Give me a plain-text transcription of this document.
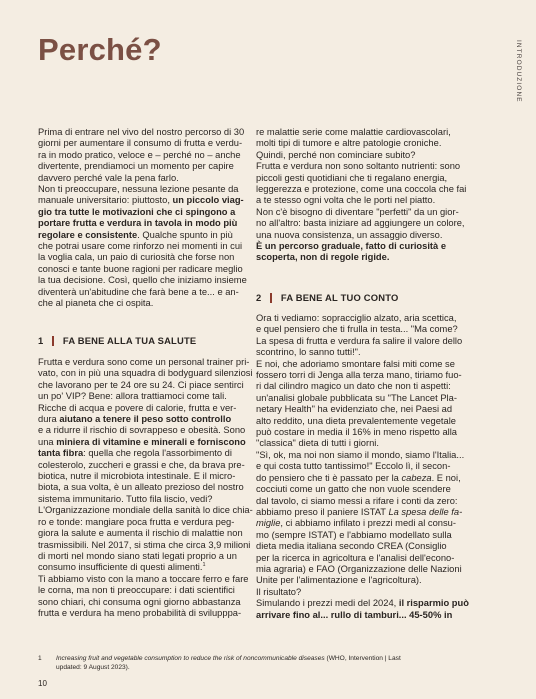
Perché?	INTRODUZIONE

Prima di entrare nel vivo del nostro percorso di 30
giorni per aumentare il consumo di frutta e verdu-
ra in modo pratico, veloce e – perché no – anche
divertente, prendiamoci un momento per capire
davvero perché vale la pena farlo.
Non ti preoccupare, nessuna lezione pesante da
manuale universitario: piuttosto, un piccolo viag-
gio tra tutte le motivazioni che ci spingono a
portare frutta e verdura in tavola in modo più
regolare e consistente. Qualche spunto in più
che potrai usare come rinforzo nei momenti in cui
la voglia cala, un paio di curiosità che forse non
conosci e tante buone ragioni per radicare meglio
la tua decisione. Così, quello che iniziamo insieme
diventerà un'abitudine che farà bene a te... e an-
che al pianeta che ci ospita.

re malattie serie come malattie cardiovascolari,
molti tipi di tumore e altre patologie croniche.
Quindi, perché non cominciare subito?
Frutta e verdura non sono soltanto nutrienti: sono
piccoli gesti quotidiani che ti regalano energia,
leggerezza e protezione, come una coccola che fai
a te stesso ogni volta che le porti nel piatto.
Non c'è bisogno di diventare "perfetti" da un gior-
no all'altro: basta iniziare ad aggiungere un colore,
una nuova consistenza, un assaggio diverso.
È un percorso graduale, fatto di curiosità e
scoperta, non di regole rigide.

1 FA BENE ALLA TUA SALUTE

Frutta e verdura sono come un personal trainer pri-
vato, con in più una squadra di bodyguard silenziosi
che lavorano per te 24 ore su 24. Ci piace sentirci
un po' VIP? Bene: allora trattiamoci come tali.
Ricche di acqua e povere di calorie, frutta e ver-
dura aiutano a tenere il peso sotto controllo
e a ridurre il rischio di sovrappeso e obesità. Sono
una miniera di vitamine e minerali e forniscono
tanta fibra: quella che regola l'assorbimento di
colesterolo, zuccheri e grassi e che, da brava pre-
biotica, nutre il microbiota intestinale. E il micro-
biota, a sua volta, è un alleato prezioso del nostro
sistema immunitario. Tutto fila liscio, vedi?
L'Organizzazione mondiale della sanità lo dice chia-
ro e tonde: mangiare poca frutta e verdura peg-
giora la salute e aumenta il rischio di malattie non
trasmissibili. Nel 2017, si stima che circa 3,9 milioni
di morti nel mondo siano stati legati proprio a un
consumo insufficiente di questi alimenti.$^1$
Ti abbiamo visto con la mano a toccare ferro e fare
le corna, ma non ti preoccupare: i dati scientifici
sono chiari, chi consuma ogni giorno abbastanza
frutta e verdura ha meno probabilità di svilupppa-

2 FA BENE AL TUO CONTO

Ora ti vediamo: sopracciglio alzato, aria scettica,
e quel pensiero che ti frulla in testa... "Ma come?
La spesa di frutta e verdura fa salire il valore dello
scontrino, lo sanno tutti!".
E noi, che adoriamo smontare falsi miti come se
fossero torri di Jenga alla terza mano, tiriamo fuo-
ri dal cilindro magico un dato che non ti aspetti:
un'analisi globale pubblicata su "The Lancet Pla-
netary Health" ha evidenziato che, nei Paesi ad
alto reddito, una dieta prevalentemente vegetale
può costare in media il 16% in meno rispetto alla
"classica" dieta di tutti i giorni.
"Sì, ok, ma noi non siamo il mondo, siamo l'Italia...
e qui costa tutto tantissimo!" Eccolo lì, il secon-
do pensiero che ti è passato per la cabeza. E noi,
cocciuti come un gatto che non vuole scendere
dal tavolo, ci siamo messi a rifare i conti da zero:
abbiamo preso il paniere ISTAT La spesa delle fa-
miglie, ci abbiamo infilato i prezzi medi al consu-
mo (sempre ISTAT) e l'abbiamo modellato sulla
dieta media italiana secondo CREA (Consiglio
per la ricerca in agricoltura e l'analisi dell'econo-
mia agraria) e FAO (Organizzazione delle Nazioni
Unite per l'alimentazione e l'agricoltura).
Il risultato?
Simulando i prezzi medi del 2024, il risparmio può
arrivare fino al... rullo di tamburi... 45-50% in

1 Increasing fruit and vegetable consumption to reduce the risk of noncommunicable diseases (WHO, Intervention | Last
updated: 9 August 2023).
10
